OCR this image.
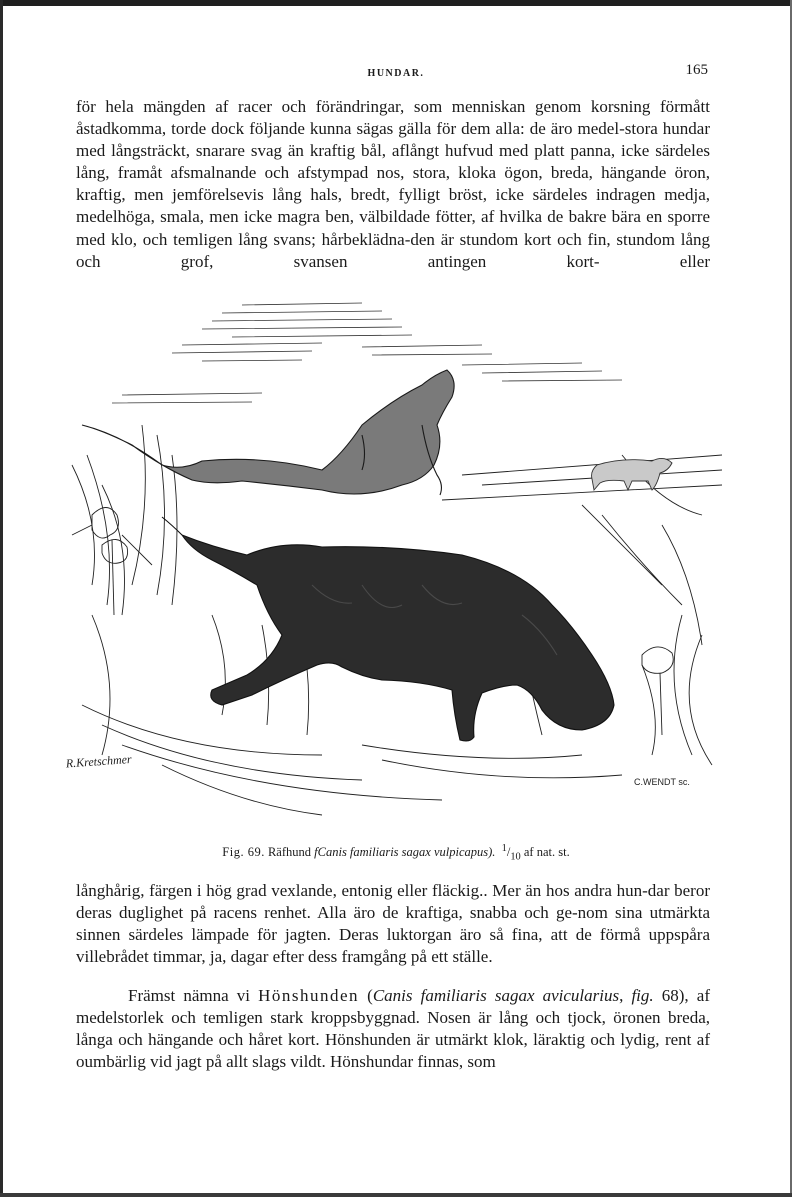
HUNDAR.	165

för hela mängden af racer och förändringar, som menniskan genom korsning förmått åstadkomma, torde dock följande kunna sägas gälla för dem alla: de äro medel-stora hundar med långsträckt, snarare svag än kraftig bål, aflångt hufvud med platt panna, icke särdeles lång, framåt afsmalnande och afstympad nos, stora, kloka ögon, breda, hängande öron, kraftig, men jemförelsevis lång hals, bredt, fylligt bröst, icke särdeles indragen medja, medelhöga, smala, men icke magra ben, välbildade fötter, af hvilka de bakre bära en sporre med klo, och temligen lång svans; hårbeklädna-den är stundom kort och fin, stundom lång och grof, svansen antingen kort- eller

R.Kretschmer
C.WENDT sc.
Fig. 69. Räfhund fCanis familiaris sagax vulpicapus). $^1/_{10}$ af nat. st.

långhårig, färgen i hög grad vexlande, entonig eller fläckig.. Mer än hos andra hun-dar beror deras duglighet på racens renhet. Alla äro de kraftiga, snabba och ge-nom sina utmärkta sinnen särdeles lämpade för jagten. Deras luktorgan äro så fina, att de förmå uppspåra villebrådet timmar, ja, dagar efter dess framgång på ett ställe.

Främst nämna vi Hönshunden (Canis familiaris sagax avicularius, fig. 68), af medelstorlek och temligen stark kroppsbyggnad. Nosen är lång och tjock, öronen breda, långa och hängande och håret kort. Hönshunden är utmärkt klok, läraktig och lydig, rent af oumbärlig vid jagt på allt slags vildt. Hönshundar finnas, som
